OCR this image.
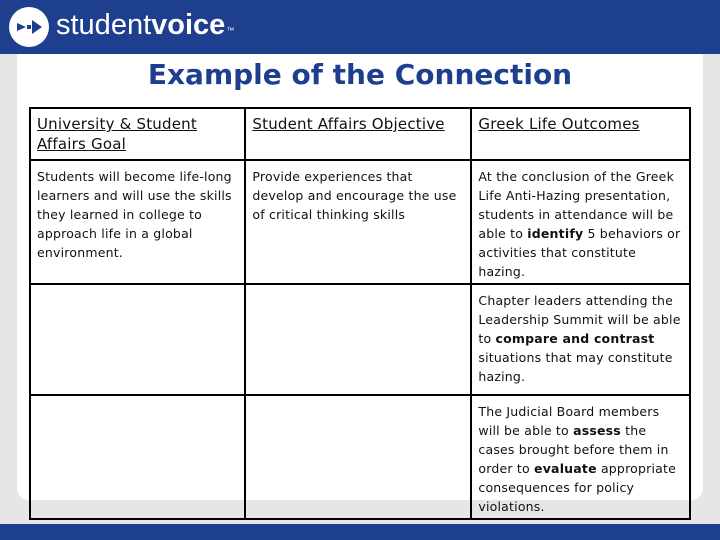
studentvoice™
Example of the Connection
University & Student Affairs Goal	Student Affairs Objective	Greek Life Outcomes
Students will become life-long learners and will use the skills they learned in college to approach life in a global environment.	Provide experiences that develop and encourage the use of critical thinking skills	At the conclusion of the Greek Life Anti-Hazing presentation, students in attendance will be able to identify 5 behaviors or activities that constitute hazing.
		Chapter leaders attending the Leadership Summit will be able to compare and contrast situations that may constitute hazing.
		The Judicial Board members will be able to assess the cases brought before them in order to evaluate appropriate consequences for policy violations.
